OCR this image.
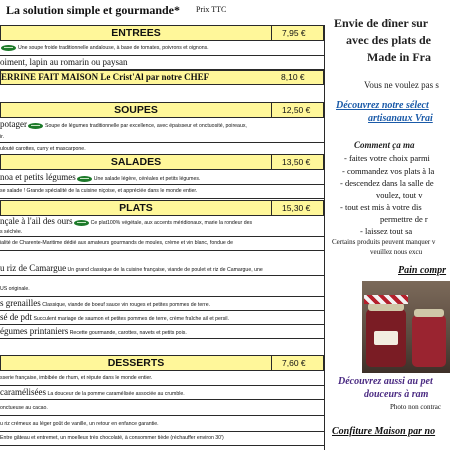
La solution simple et gourmande* Prix TTC
ENTREES	7,95 €
Une soupe froide traditionnelle andalouse, à base de tomates, poivrons et oignons.
oiment, lapin au romarin ou paysan
ERRINE FAIT MAISON Le Crist'Al par notre CHEF	8,10 €
SOUPES	12,50 €
potager	Soupe de légumes traditionnelle par excellence, avec épaisseur et onctuosité, poireaux,
ir.
ulouté carottes, curry et mascarpone.
SALADES	13,50 €
noa et petits légumes	Une salade légère, céréales et petits légumes.
se salade ! Grande spécialité de la cuisine niçoise, et appréciée dans le monde entier.
PLATS	15,30 €
nçale à l'ail des ours	Ce plat100% végétale, aux accents méridionaux, marie la rondeur des
s séchée.
ialité de Charente-Maritime dédié aux amateurs gourmands de moules, crème et vin blanc, fondue de
u riz de Camargue Un grand classique de la cuisine française, viande de poulet et riz de Camargue, une
US originale.
s grenailles Classique, viande de boeuf sauce vin rouges et petites pommes de terre.
sé de pdt Succulent mariage de saumon et petites pommes de terre, crème fraîche ail et persil.
égumes printaniers Recette gourmande, carottes, navets et petits pois.
DESSERTS	7,60 €
sserie française, imbibée de rhum, et répute dans le monde entier.
caramélisées La douceur de la pomme caramélisée associée au crumble.
onctueuse au cacao.
u riz crémeux au léger goût de vanille, un retour en enfance garantie.
Entre gâteau et entremet, un moelleux très chocolaté, à consommer tiède (réchauffer environ 30')
Envie de dîner sur
avec des plats de
Made in Fra
Vous ne voulez pas s
Découvrez notre sélect
artisanaux Vrai
Comment ça ma
- faites votre choix parmi
- commandez vos plats à la
- descendez dans la salle de
voulez, tout v
- tout est mis à votre dis
permettre de r
- laissez tout sa
Certains produits peuvent manquer v
veuillez nous excu
Pain compr
Découvrez aussi au pet
douceurs à ram
Photo non contrac
Confiture Maison par no
